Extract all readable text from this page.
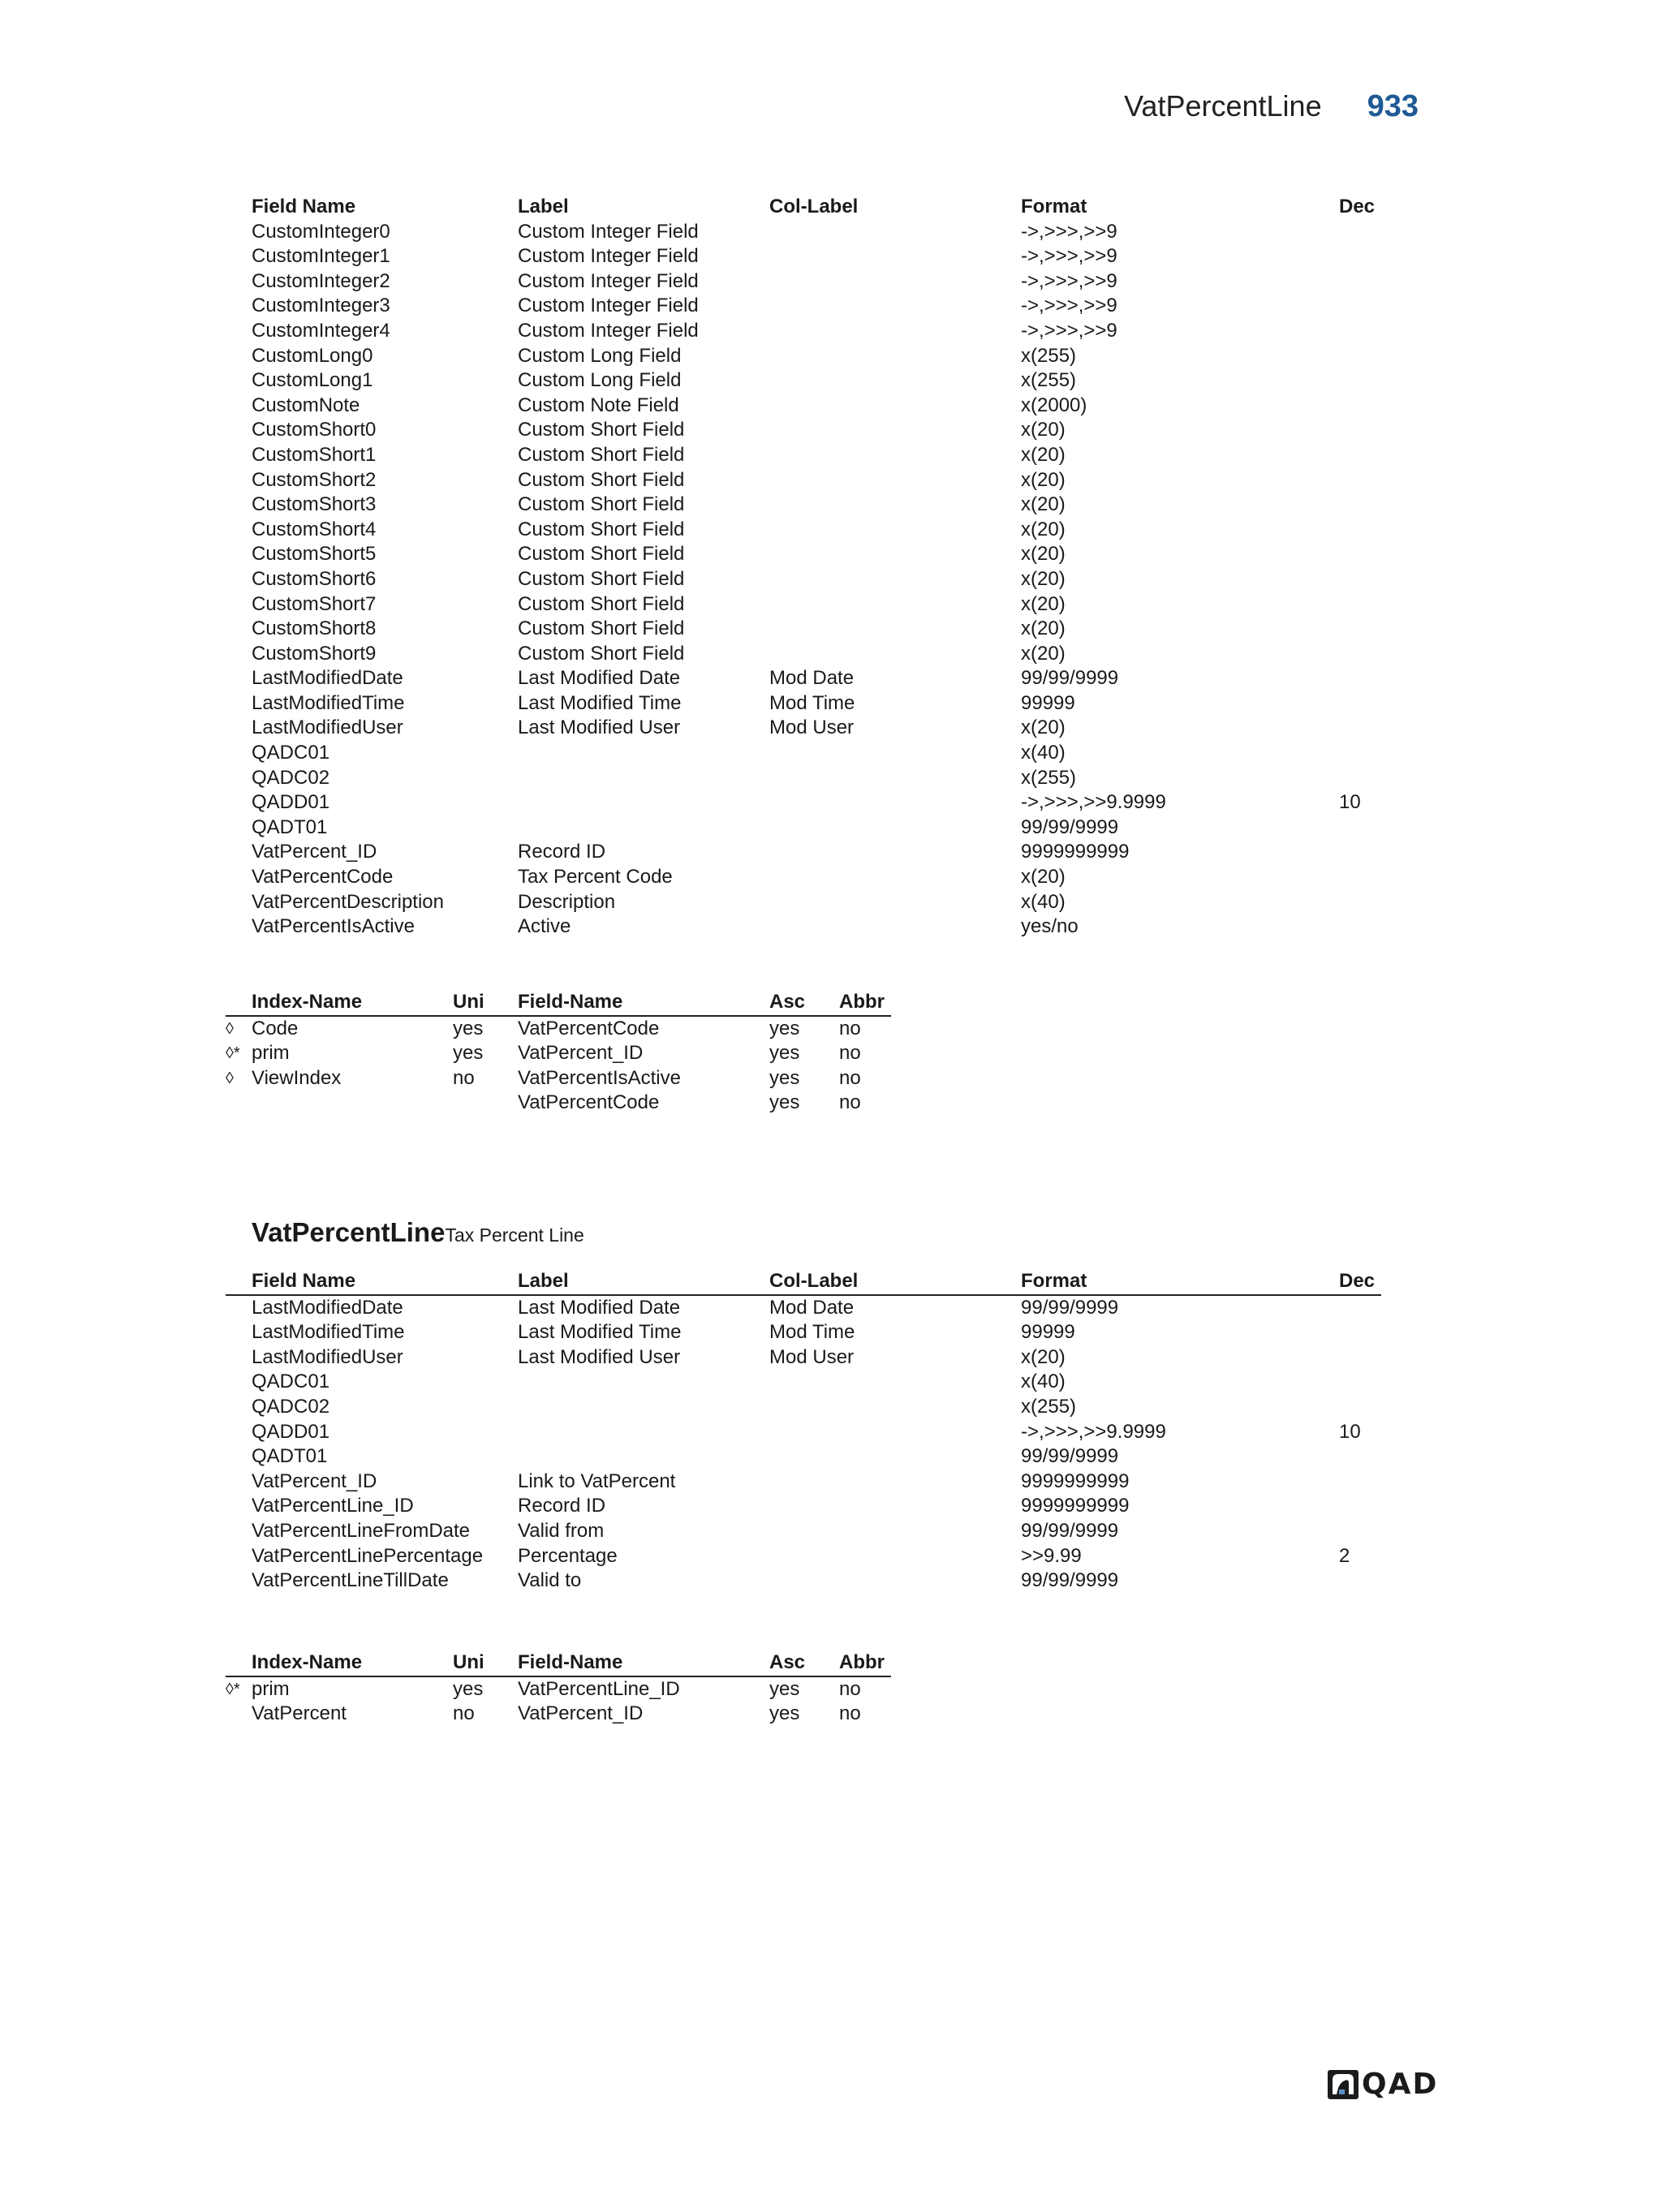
VatPercentLine 933
	Field Name	Label	Col-Label	Format	Dec
	CustomInteger0	Custom Integer Field		->,>>>,>>9	
	CustomInteger1	Custom Integer Field		->,>>>,>>9	
	CustomInteger2	Custom Integer Field		->,>>>,>>9	
	CustomInteger3	Custom Integer Field		->,>>>,>>9	
	CustomInteger4	Custom Integer Field		->,>>>,>>9	
	CustomLong0	Custom Long Field		x(255)	
	CustomLong1	Custom Long Field		x(255)	
	CustomNote	Custom Note Field		x(2000)	
	CustomShort0	Custom Short Field		x(20)	
	CustomShort1	Custom Short Field		x(20)	
	CustomShort2	Custom Short Field		x(20)	
	CustomShort3	Custom Short Field		x(20)	
	CustomShort4	Custom Short Field		x(20)	
	CustomShort5	Custom Short Field		x(20)	
	CustomShort6	Custom Short Field		x(20)	
	CustomShort7	Custom Short Field		x(20)	
	CustomShort8	Custom Short Field		x(20)	
	CustomShort9	Custom Short Field		x(20)	
	LastModifiedDate	Last Modified Date	Mod Date	99/99/9999	
	LastModifiedTime	Last Modified Time	Mod Time	99999	
	LastModifiedUser	Last Modified User	Mod User	x(20)	
	QADC01			x(40)	
	QADC02			x(255)	
	QADD01			->,>>>,>>9.9999	10
	QADT01			99/99/9999	
	VatPercent_ID	Record ID		9999999999	
	VatPercentCode	Tax Percent Code		x(20)	
	VatPercentDescription	Description		x(40)	
	VatPercentIsActive	Active		yes/no	
	Index-Name	Uni	Field-Name	Asc	Abbr
◊	Code	yes	VatPercentCode	yes	no
◊*	prim	yes	VatPercent_ID	yes	no
◊	ViewIndex	no	VatPercentIsActive	yes	no
			VatPercentCode	yes	no
VatPercentLine Tax Percent Line
	Field Name	Label	Col-Label	Format	Dec
	LastModifiedDate	Last Modified Date	Mod Date	99/99/9999	
	LastModifiedTime	Last Modified Time	Mod Time	99999	
	LastModifiedUser	Last Modified User	Mod User	x(20)	
	QADC01			x(40)	
	QADC02			x(255)	
	QADD01			->,>>>,>>9.9999	10
	QADT01			99/99/9999	
	VatPercent_ID	Link to VatPercent		9999999999	
	VatPercentLine_ID	Record ID		9999999999	
	VatPercentLineFromDate	Valid from		99/99/9999	
	VatPercentLinePercentage	Percentage		>>9.99	2
	VatPercentLineTillDate	Valid to		99/99/9999	
	Index-Name	Uni	Field-Name	Asc	Abbr
◊*	prim	yes	VatPercentLine_ID	yes	no
	VatPercent	no	VatPercent_ID	yes	no
QAD
